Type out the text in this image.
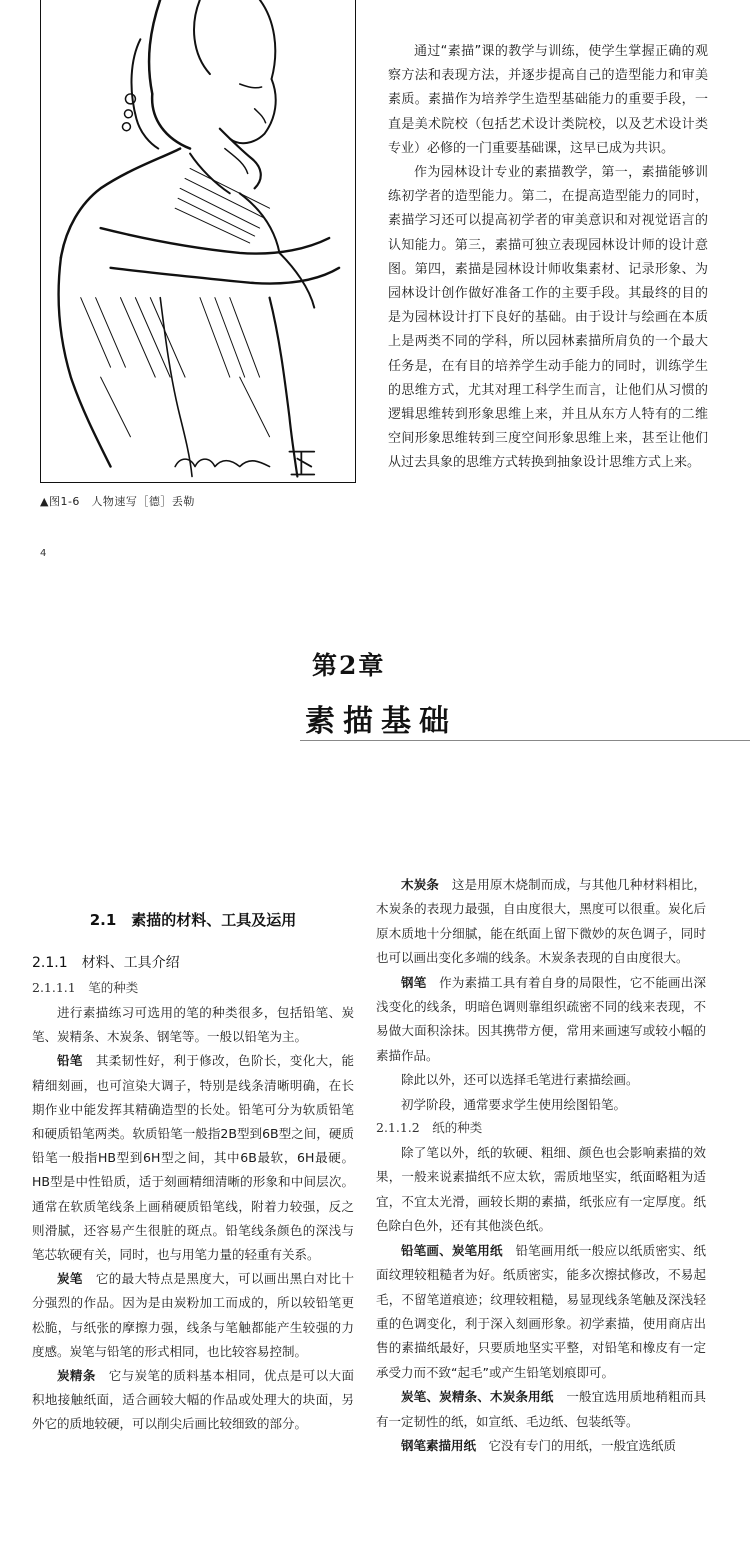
▲图1-6　人物速写［德］丢勒

通过“素描”课的教学与训练，使学生掌握正确的观察方法和表现方法，并逐步提高自己的造型能力和审美素质。素描作为培养学生造型基础能力的重要手段，一直是美术院校（包括艺术设计类院校，以及艺术设计类专业）必修的一门重要基础课，这早已成为共识。

作为园林设计专业的素描教学，第一，素描能够训练初学者的造型能力。第二，在提高造型能力的同时，素描学习还可以提高初学者的审美意识和对视觉语言的认知能力。第三，素描可独立表现园林设计师的设计意图。第四，素描是园林设计师收集素材、记录形象、为园林设计创作做好准备工作的主要手段。其最终的目的是为园林设计打下良好的基础。由于设计与绘画在本质上是两类不同的学科，所以园林素描所肩负的一个最大任务是，在有目的培养学生动手能力的同时，训练学生的思维方式，尤其对理工科学生而言，让他们从习惯的逻辑思维转到形象思维上来，并且从东方人特有的二维空间形象思维转到三度空间形象思维上来，甚至让他们从过去具象的思维方式转换到抽象设计思维方式上来。

4
第2章
素描基础
2.1　素描的材料、工具及运用
2.1.1　材料、工具介绍
2.1.1.1　笔的种类

进行素描练习可选用的笔的种类很多，包括铅笔、炭笔、炭精条、木炭条、钢笔等。一般以铅笔为主。

铅笔　 其柔韧性好，利于修改，色阶长，变化大，能精细刻画，也可渲染大调子，特别是线条清晰明确，在长期作业中能发挥其精确造型的长处。铅笔可分为软质铅笔和硬质铅笔两类。软质铅笔一般指2B型到6B型之间，硬质铅笔一般指HB型到6H型之间，其中6B最软，6H最硬。HB型是中性铅质，适于刻画精细清晰的形象和中间层次。通常在软质笔线条上画稍硬质铅笔线，附着力较强，反之则滑腻，还容易产生很脏的斑点。铅笔线条颜色的深浅与笔芯软硬有关，同时，也与用笔力量的轻重有关系。

炭笔　 它的最大特点是黑度大，可以画出黑白对比十分强烈的作品。因为是由炭粉加工而成的，所以较铅笔更松脆，与纸张的摩擦力强，线条与笔触都能产生较强的力度感。炭笔与铅笔的形式相同，也比较容易控制。

炭精条　 它与炭笔的质料基本相同，优点是可以大面积地接触纸面，适合画较大幅的作品或处理大的块面，另外它的质地较硬，可以削尖后画比较细致的部分。

木炭条　 这是用原木烧制而成，与其他几种材料相比，木炭条的表现力最强，自由度很大，黑度可以很重。炭化后原木质地十分细腻，能在纸面上留下微妙的灰色调子，同时也可以画出变化多端的线条。木炭条表现的自由度很大。

钢笔　 作为素描工具有着自身的局限性，它不能画出深浅变化的线条，明暗色调则靠组织疏密不同的线来表现，不易做大面积涂抹。因其携带方便，常用来画速写或较小幅的素描作品。

除此以外，还可以选择毛笔进行素描绘画。

初学阶段，通常要求学生使用绘图铅笔。

2.1.1.2　纸的种类

除了笔以外，纸的软硬、粗细、颜色也会影响素描的效果，一般来说素描纸不应太软，需质地坚实，纸面略粗为适宜，不宜太光滑，画较长期的素描，纸张应有一定厚度。纸色除白色外，还有其他淡色纸。

铅笔画、炭笔用纸　 铅笔画用纸一般应以纸质密实、纸面纹理较粗糙者为好。纸质密实，能多次擦拭修改，不易起毛，不留笔道痕迹；纹理较粗糙，易显现线条笔触及深浅轻重的色调变化，利于深入刻画形象。初学素描，使用商店出售的素描纸最好，只要质地坚实平整，对铅笔和橡皮有一定承受力而不致“起毛”或产生铅笔划痕即可。

炭笔、炭精条、木炭条用纸　 一般宜选用质地稍粗而具有一定韧性的纸，如宣纸、毛边纸、包装纸等。

钢笔素描用纸　 它没有专门的用纸，一般宜选纸质
